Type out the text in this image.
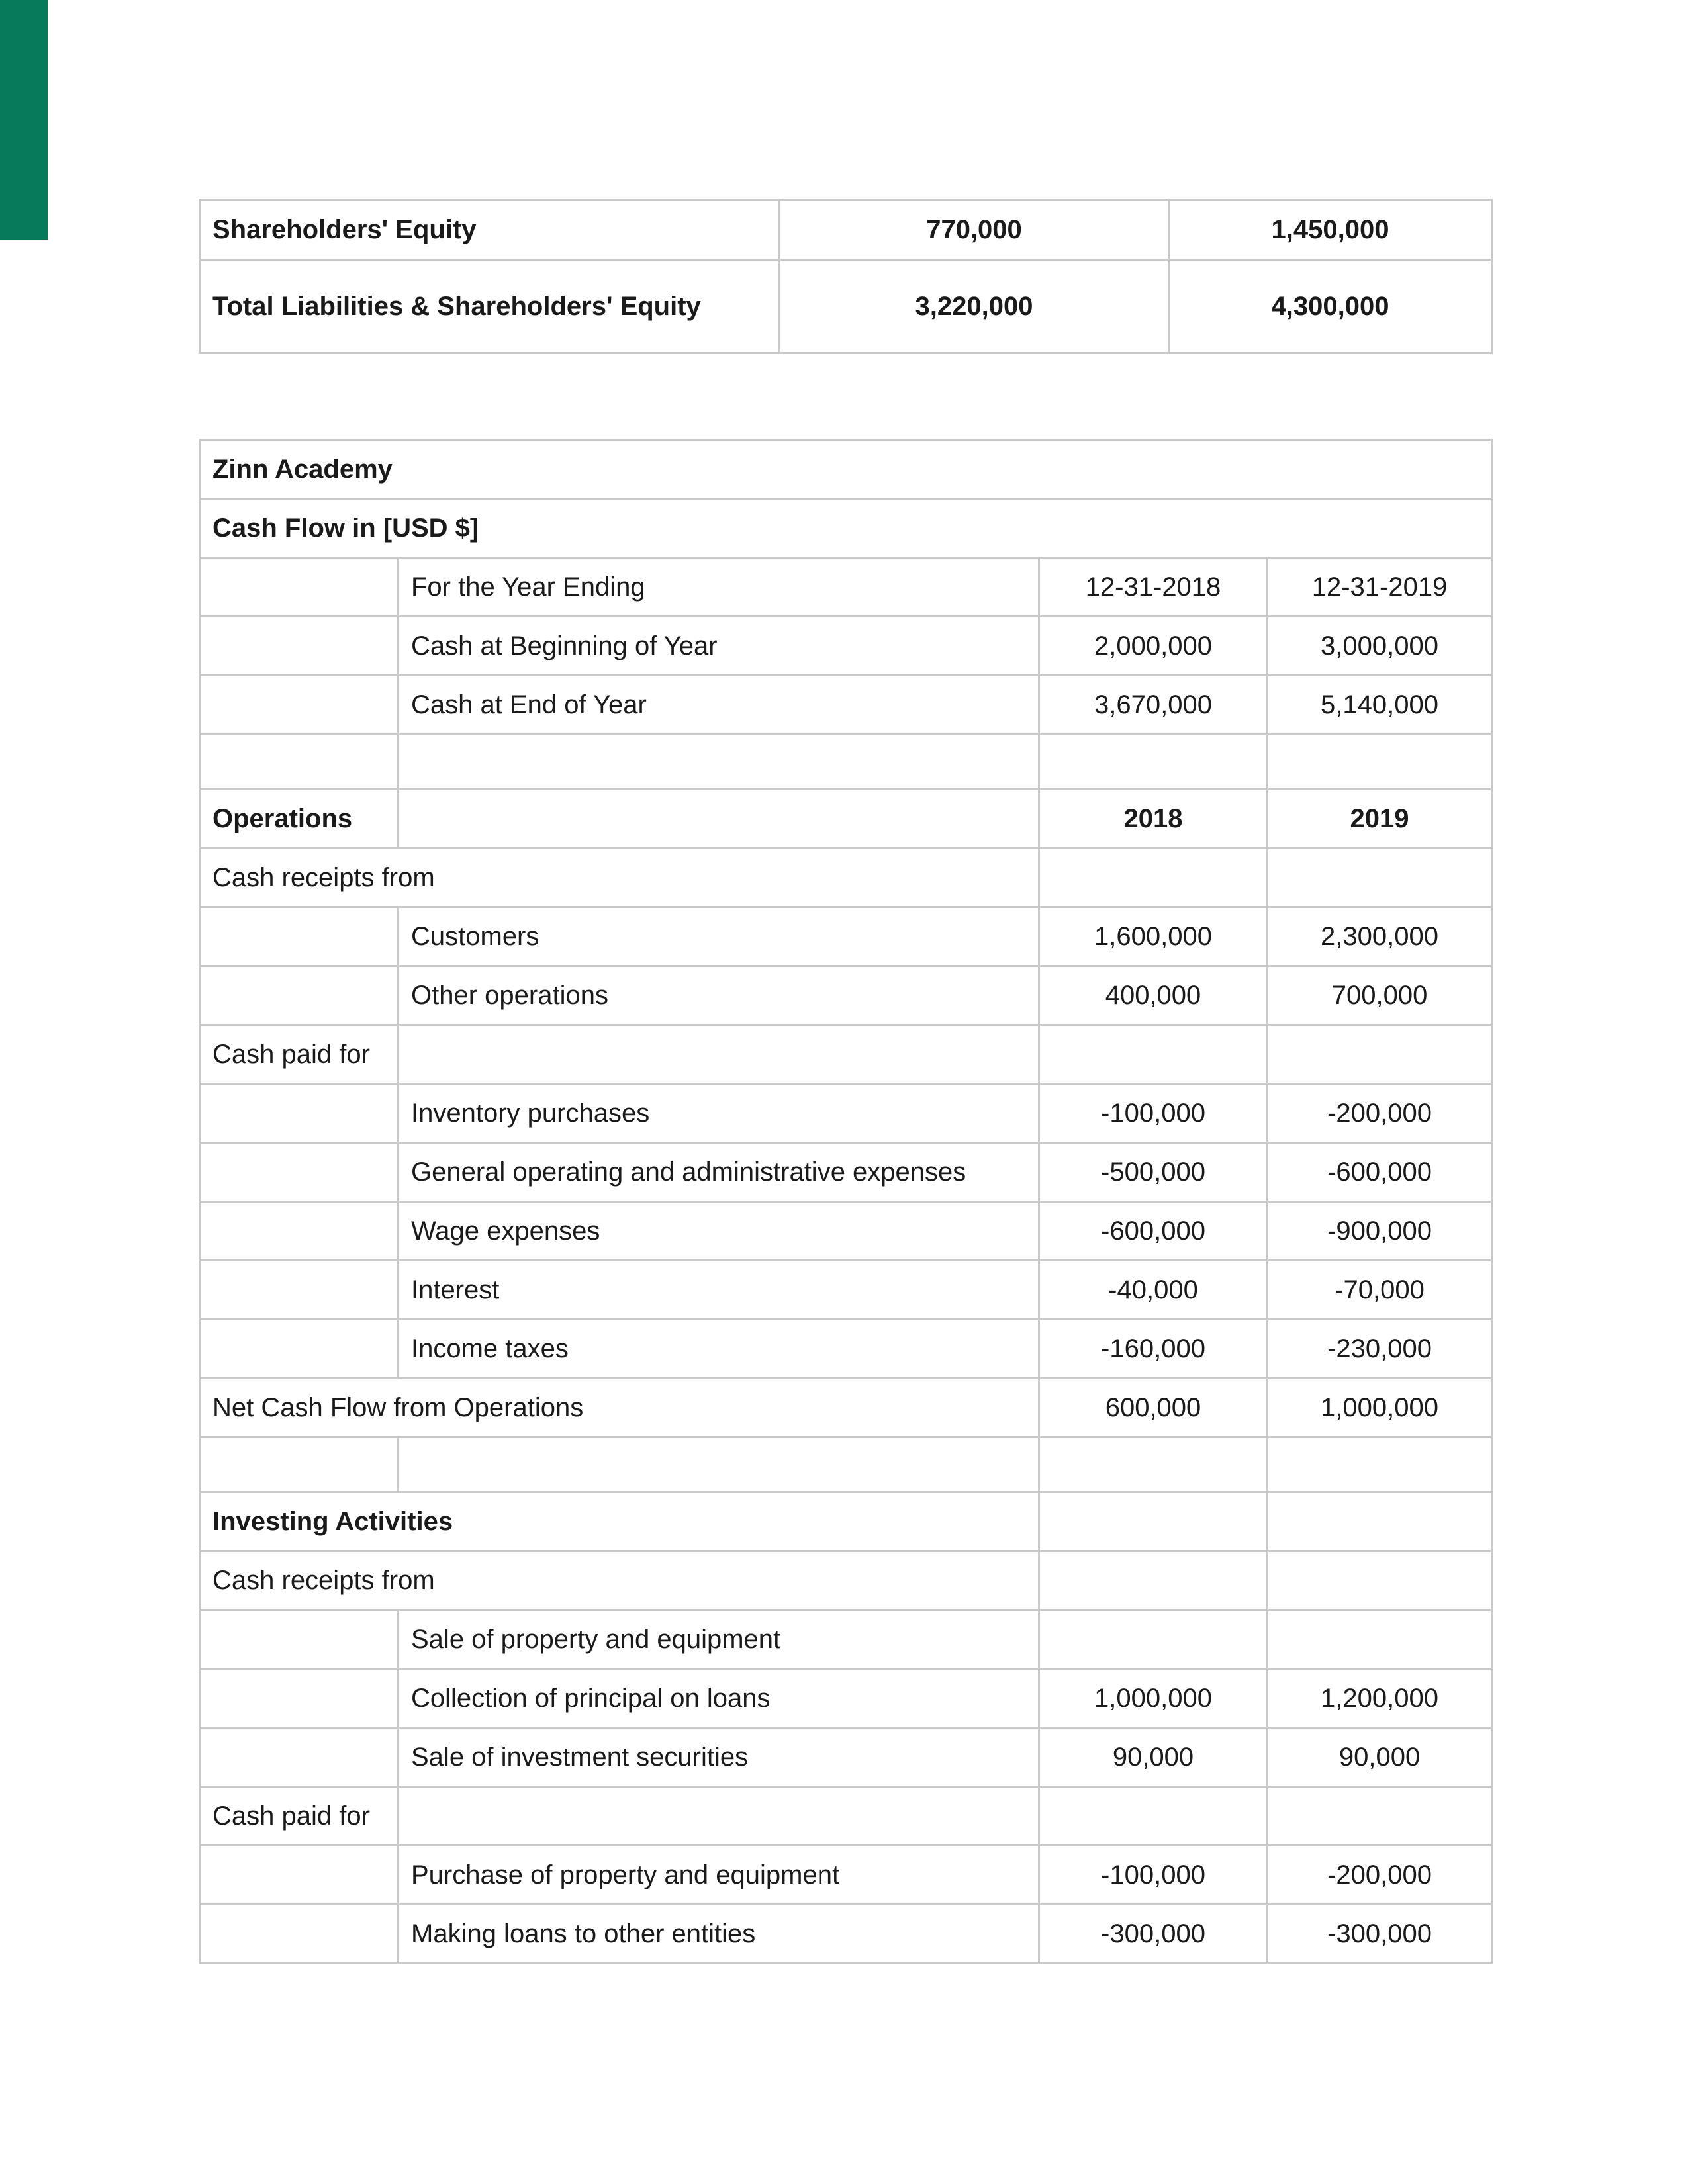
Shareholders' Equity	770,000	1,450,000
Total Liabilities & Shareholders' Equity	3,220,000	4,300,000
Zinn Academy			
Cash Flow in [USD $]			
	For the Year Ending	12-31-2018	12-31-2019
	Cash at Beginning of Year	2,000,000	3,000,000
	Cash at End of Year	3,670,000	5,140,000

Operations		2018	2019
Cash receipts from			
	Customers	1,600,000	2,300,000
	Other operations	400,000	700,000
Cash paid for			
	Inventory purchases	-100,000	-200,000
	General operating and administrative expenses	-500,000	-600,000
	Wage expenses	-600,000	-900,000
	Interest	-40,000	-70,000
	Income taxes	-160,000	-230,000
Net Cash Flow from Operations		600,000	1,000,000

Investing Activities			
Cash receipts from			
	Sale of property and equipment		
	Collection of principal on loans	1,000,000	1,200,000
	Sale of investment securities	90,000	90,000
Cash paid for			
	Purchase of property and equipment	-100,000	-200,000
	Making loans to other entities	-300,000	-300,000
